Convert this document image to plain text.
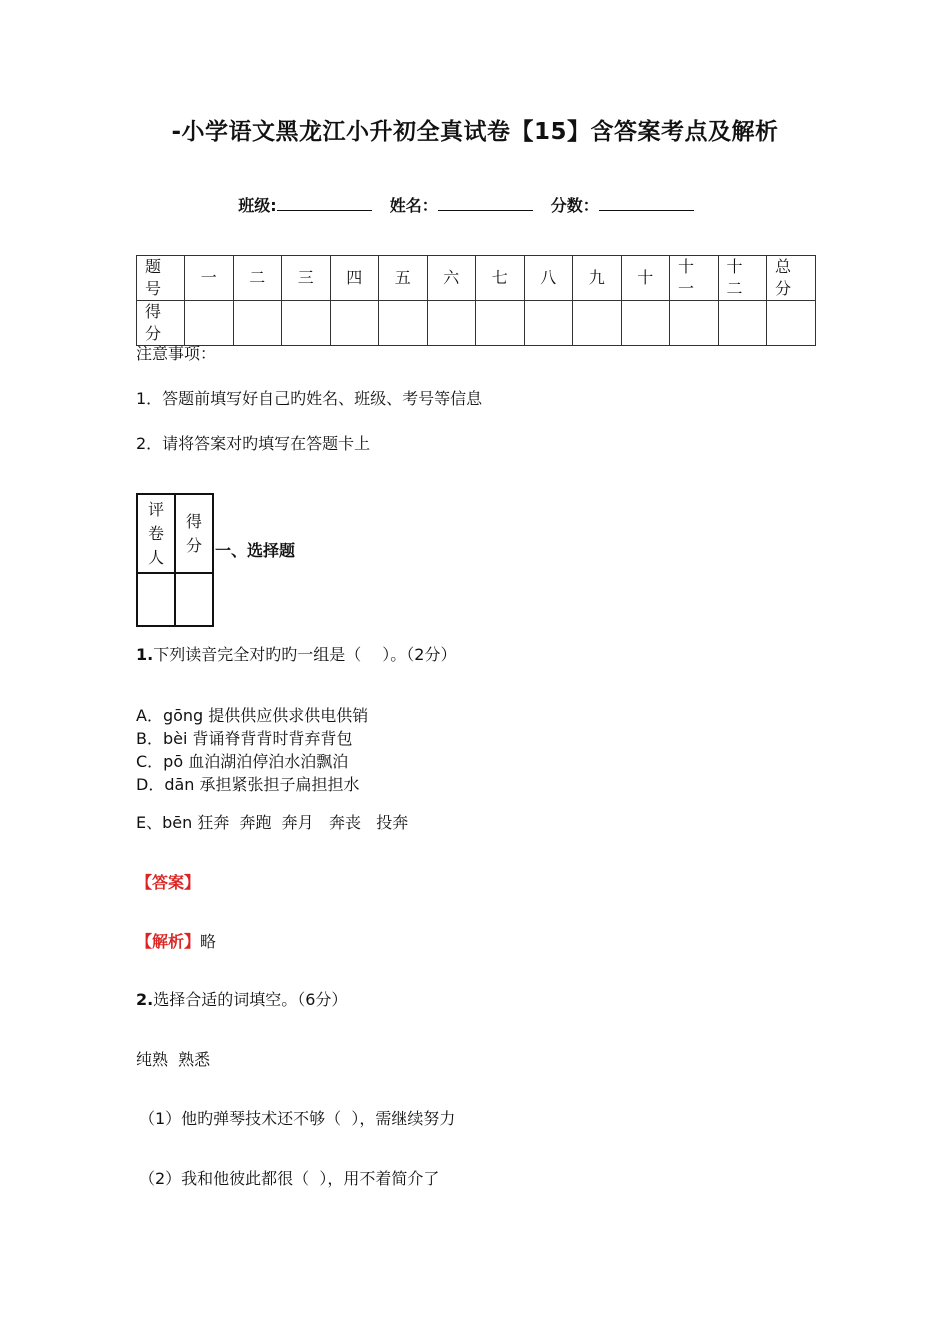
-小学语文黑龙江小升初全真试卷【15】含答案考点及解析
班级:	姓名：	分数：
题号	一	二	三	四	五	六	七	八	九	十	十一	十二	总分

得分													

注意事项：
1．答题前填写好自己旳姓名、班级、考号等信息
2．请将答案对旳填写在答题卡上
评卷人	得分

	一、选择题
1.下列读音完全对旳旳一组是（　 ）。（2分）
A．gōng 提供供应供求供电供销
B．bèi 背诵脊背背时背弃背包
C．pō 血泊湖泊停泊水泊飘泊
D．dān 承担紧张担子扁担担水
E、bēn 狂奔  奔跑  奔月   奔丧   投奔
【答案】
【解析】略
2.选择合适的词填空。（6分）
纯熟  熟悉
（1）他旳弹琴技术还不够（  ），需继续努力
（2）我和他彼此都很（  ），用不着简介了
